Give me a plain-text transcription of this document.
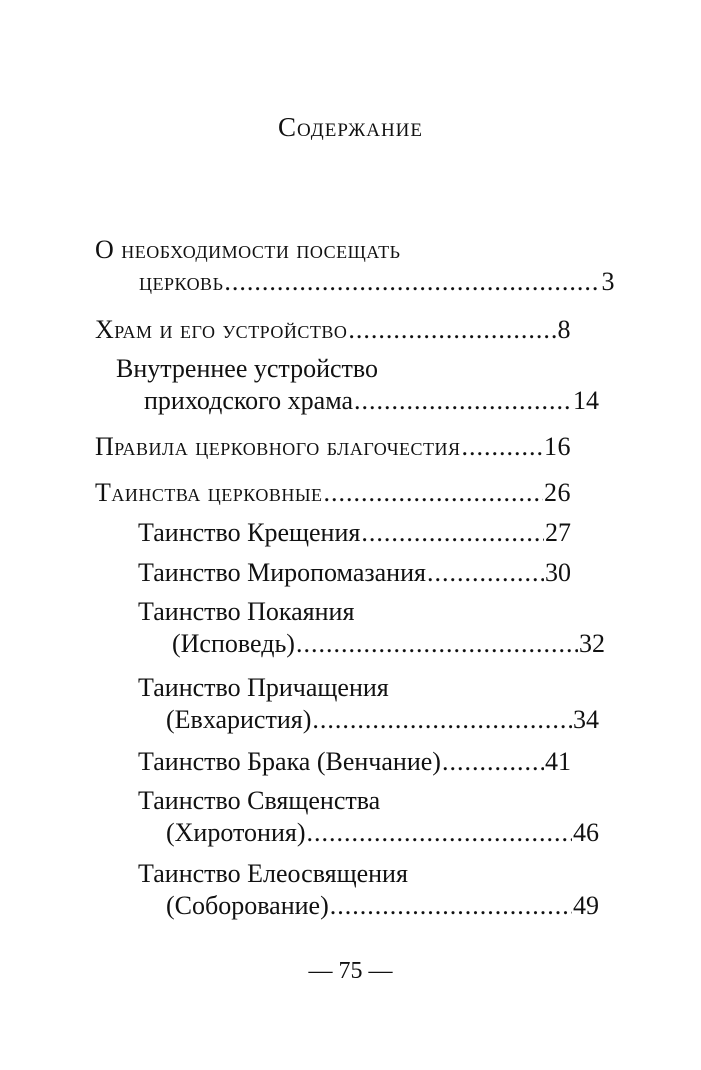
Содержание
О необходимости посещать
церковь .....	3
Храм и его устройство .....	8
Внутреннее устройство
приходского храма .....	14
Правила церковного благочестия .....	16
Таинства церковные .....	26
Таинство Крещения .....	27
Таинство Миропомазания .....	30
Таинство Покаяния
(Исповедь) .....	32
Таинство Причащения
(Евхаристия) .....	34
Таинство Брака (Венчание) .....	41
Таинство Священства
(Хиротония) .....	46
Таинство Елеосвящения
(Соборование) .....	49
— 75 —
